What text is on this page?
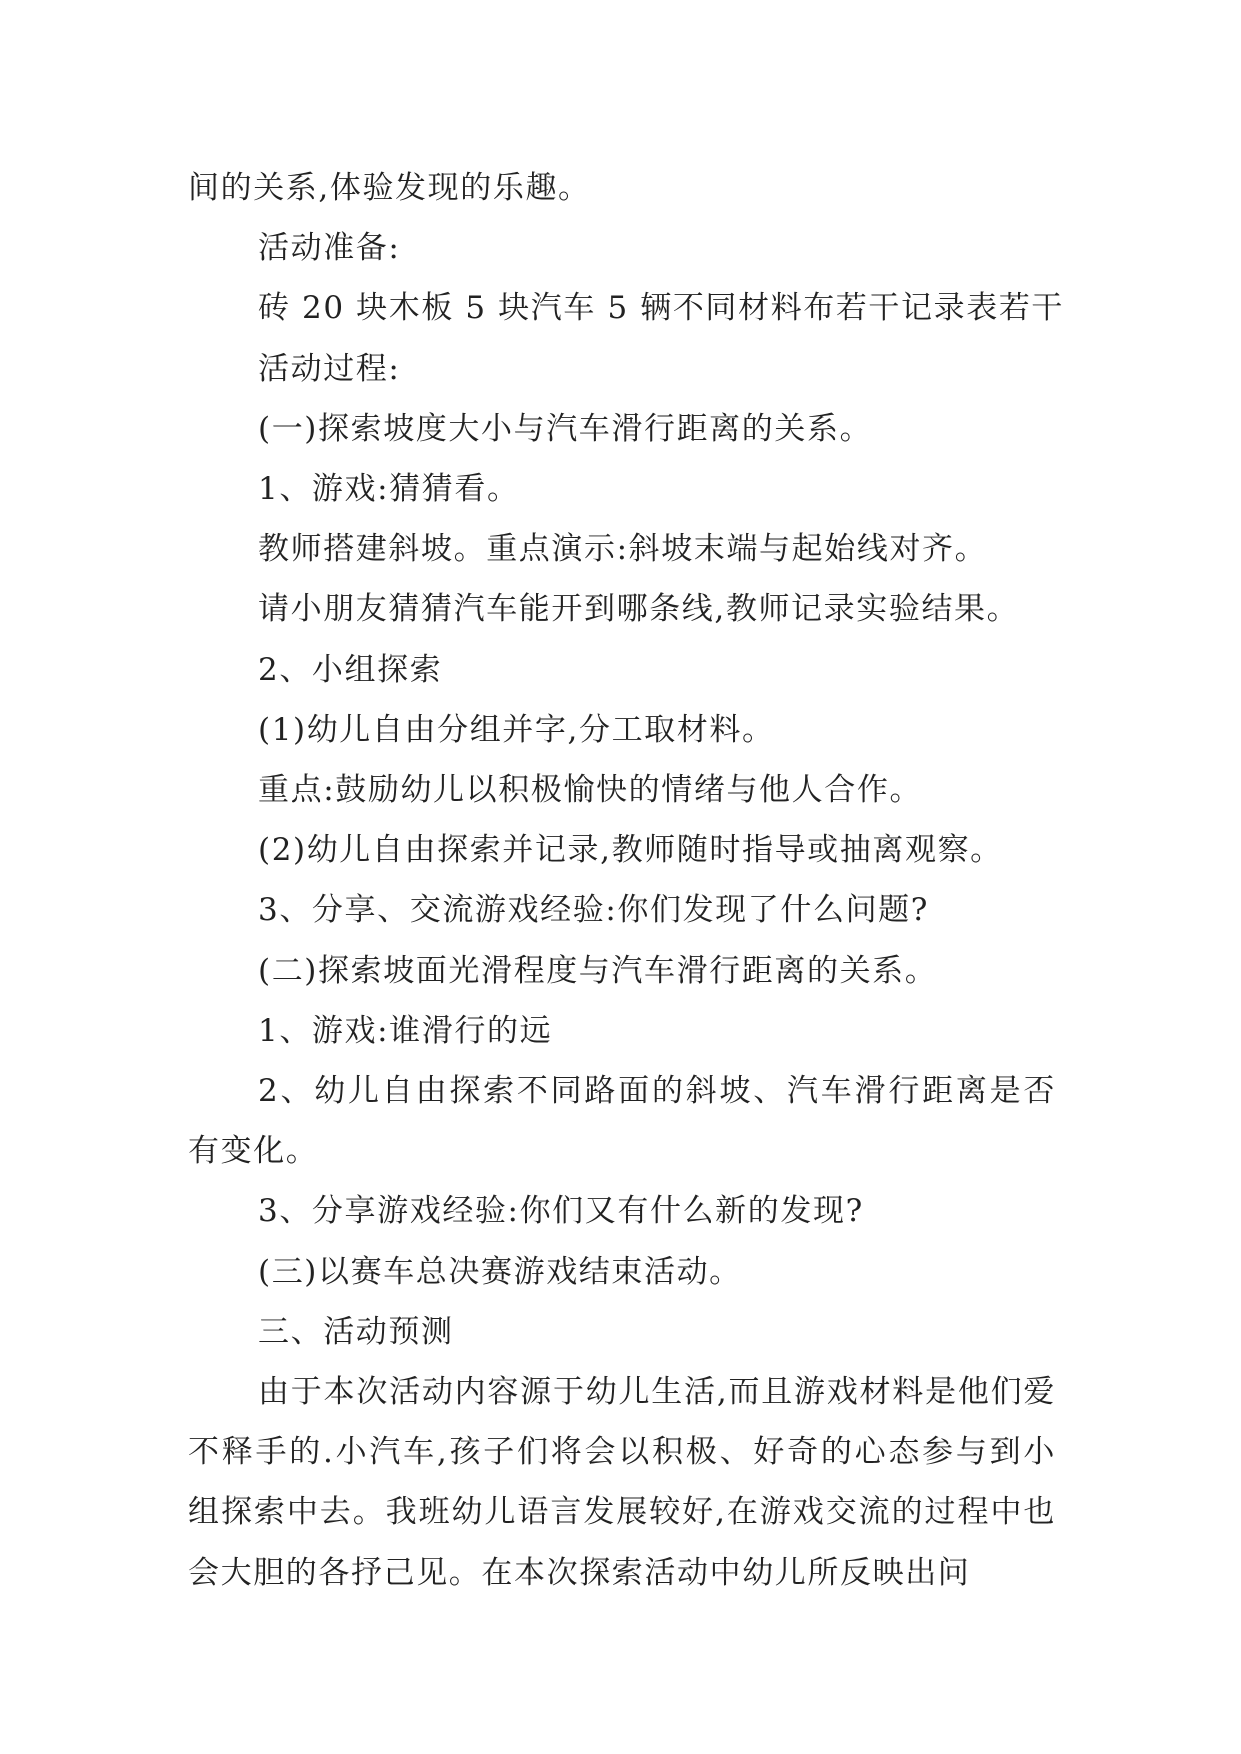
间的关系,体验发现的乐趣。

活动准备:

砖 20 块木板 5 块汽车 5 辆不同材料布若干记录表若干

活动过程:

(一)探索坡度大小与汽车滑行距离的关系。

1、游戏:猜猜看。

教师搭建斜坡。重点演示:斜坡末端与起始线对齐。

请小朋友猜猜汽车能开到哪条线,教师记录实验结果。

2、小组探索

(1)幼儿自由分组并字,分工取材料。

重点:鼓励幼儿以积极愉快的情绪与他人合作。

(2)幼儿自由探索并记录,教师随时指导或抽离观察。

3、分享、交流游戏经验:你们发现了什么问题?

(二)探索坡面光滑程度与汽车滑行距离的关系。

1、游戏:谁滑行的远

2、幼儿自由探索不同路面的斜坡、汽车滑行距离是否有变化。

3、分享游戏经验:你们又有什么新的发现?

(三)以赛车总决赛游戏结束活动。

三、活动预测

由于本次活动内容源于幼儿生活,而且游戏材料是他们爱不释手的.小汽车,孩子们将会以积极、好奇的心态参与到小组探索中去。我班幼儿语言发展较好,在游戏交流的过程中也会大胆的各抒己见。在本次探索活动中幼儿所反映出问
